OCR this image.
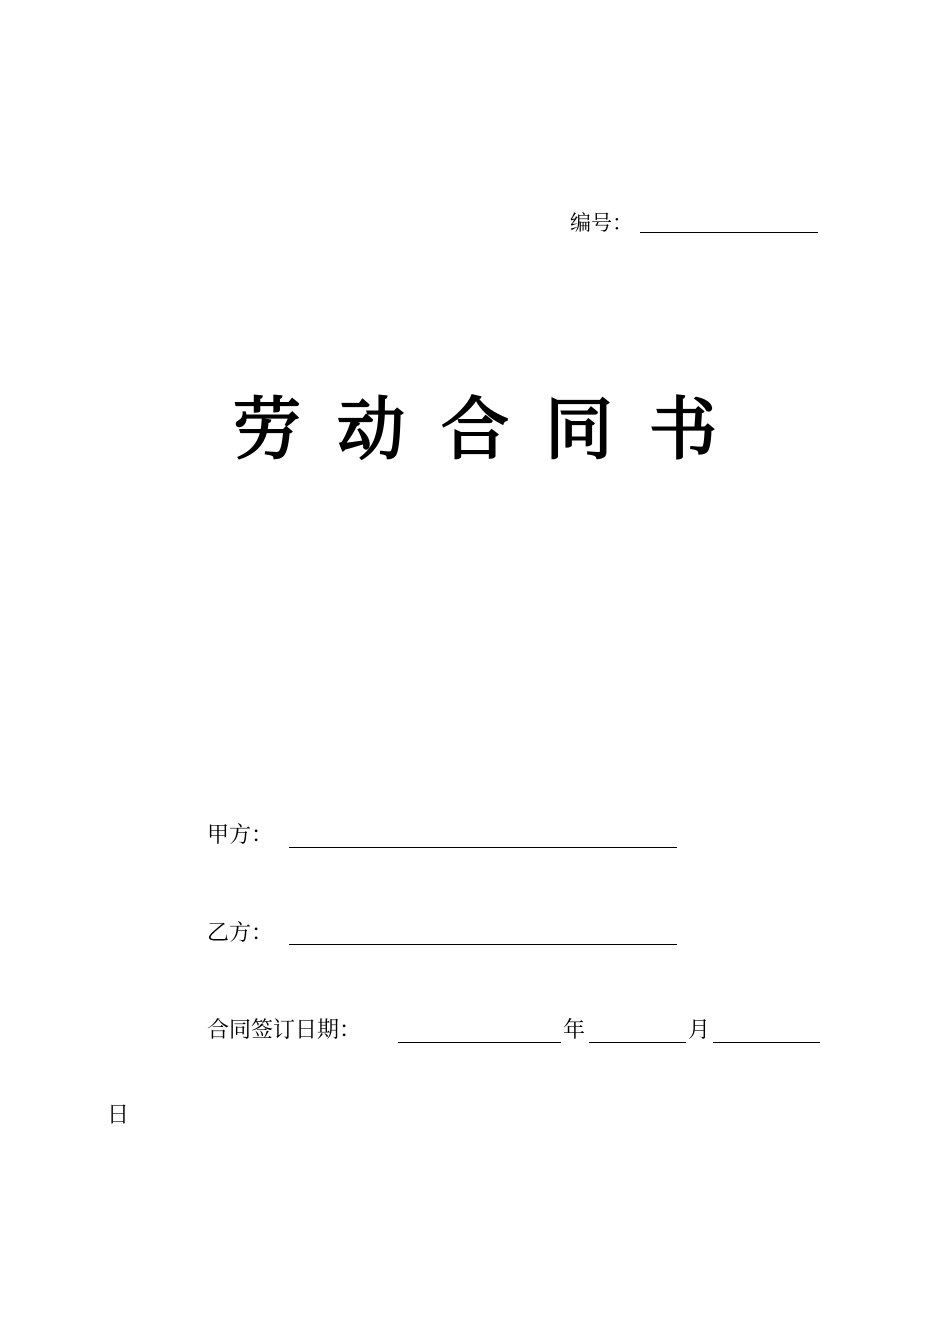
编号：
劳 动 合 同 书
甲方：
乙方：
合同签订日期：	年	月
日
